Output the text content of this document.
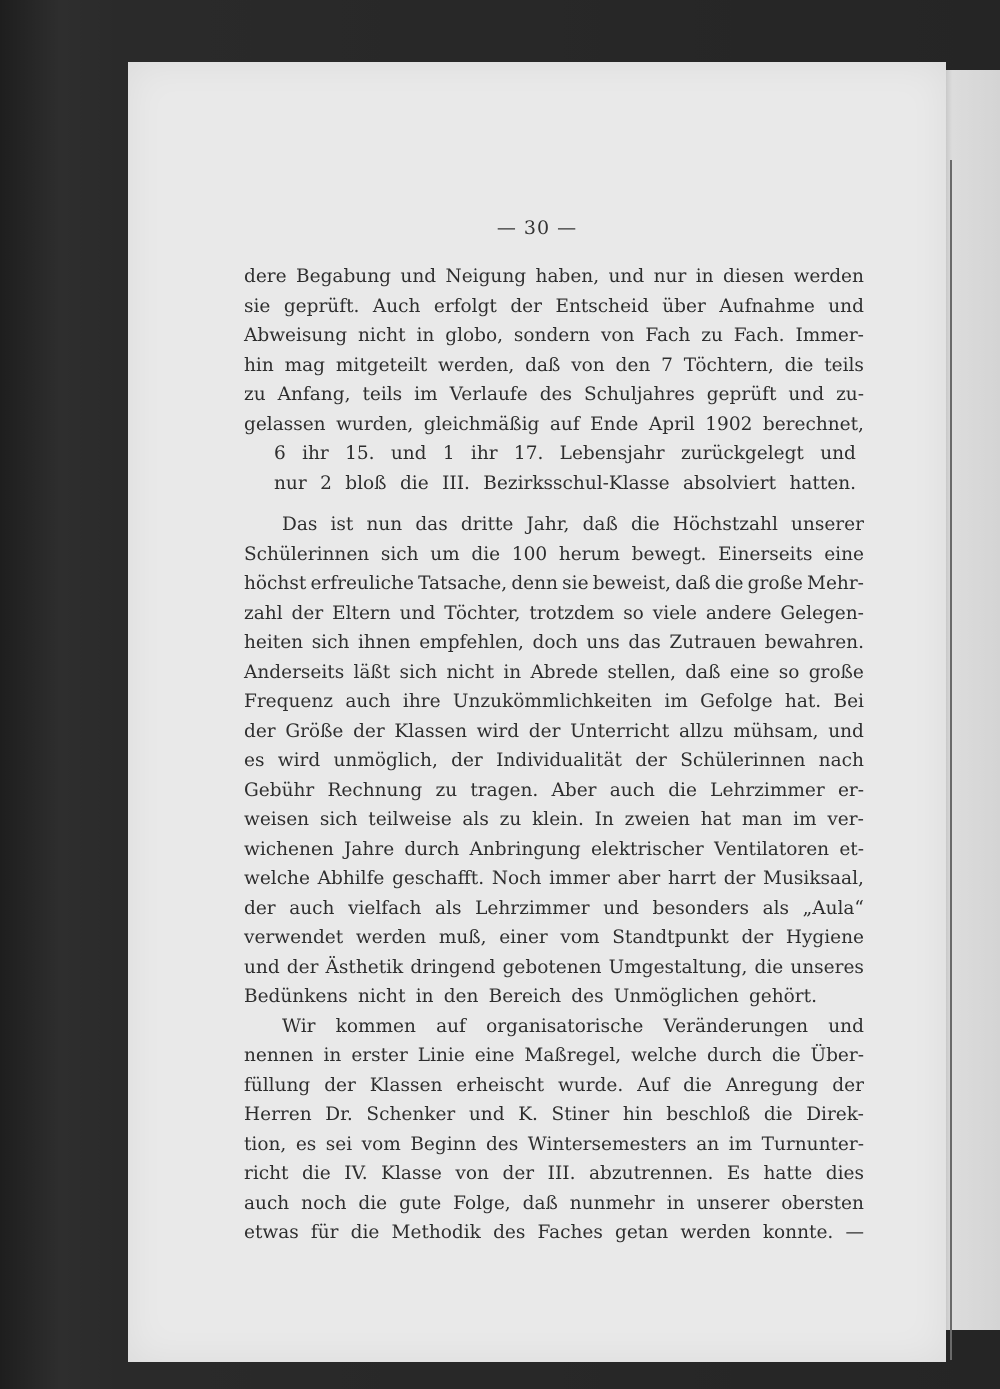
— 30 —
dere Begabung und Neigung haben, und nur in diesen werden
sie geprüft. Auch erfolgt der Entscheid über Aufnahme und
Abweisung nicht in globo, sondern von Fach zu Fach. Immer-
hin mag mitgeteilt werden, daß von den 7 Töchtern, die teils
zu Anfang, teils im Verlaufe des Schuljahres geprüft und zu-
gelassen wurden, gleichmäßig auf Ende April 1902 berechnet,
6 ihr 15. und 1 ihr 17. Lebensjahr zurückgelegt und
nur 2 bloß die III. Bezirksschul-Klasse absolviert hatten.
Das ist nun das dritte Jahr, daß die Höchstzahl unserer
Schülerinnen sich um die 100 herum bewegt. Einerseits eine
höchst erfreuliche Tatsache, denn sie beweist, daß die große Mehr-
zahl der Eltern und Töchter, trotzdem so viele andere Gelegen-
heiten sich ihnen empfehlen, doch uns das Zutrauen bewahren.
Anderseits läßt sich nicht in Abrede stellen, daß eine so große
Frequenz auch ihre Unzukömmlichkeiten im Gefolge hat. Bei
der Größe der Klassen wird der Unterricht allzu mühsam, und
es wird unmöglich, der Individualität der Schülerinnen nach
Gebühr Rechnung zu tragen. Aber auch die Lehrzimmer er-
weisen sich teilweise als zu klein. In zweien hat man im ver-
wichenen Jahre durch Anbringung elektrischer Ventilatoren et-
welche Abhilfe geschafft. Noch immer aber harrt der Musiksaal,
der auch vielfach als Lehrzimmer und besonders als „Aula“
verwendet werden muß, einer vom Standtpunkt der Hygiene
und der Ästhetik dringend gebotenen Umgestaltung, die unseres
Bedünkens nicht in den Bereich des Unmöglichen gehört.
Wir kommen auf organisatorische Veränderungen und
nennen in erster Linie eine Maßregel, welche durch die Über-
füllung der Klassen erheischt wurde. Auf die Anregung der
Herren Dr. Schenker und K. Stiner hin beschloß die Direk-
tion, es sei vom Beginn des Wintersemesters an im Turnunter-
richt die IV. Klasse von der III. abzutrennen. Es hatte dies
auch noch die gute Folge, daß nunmehr in unserer obersten
etwas für die Methodik des Faches getan werden konnte. —
